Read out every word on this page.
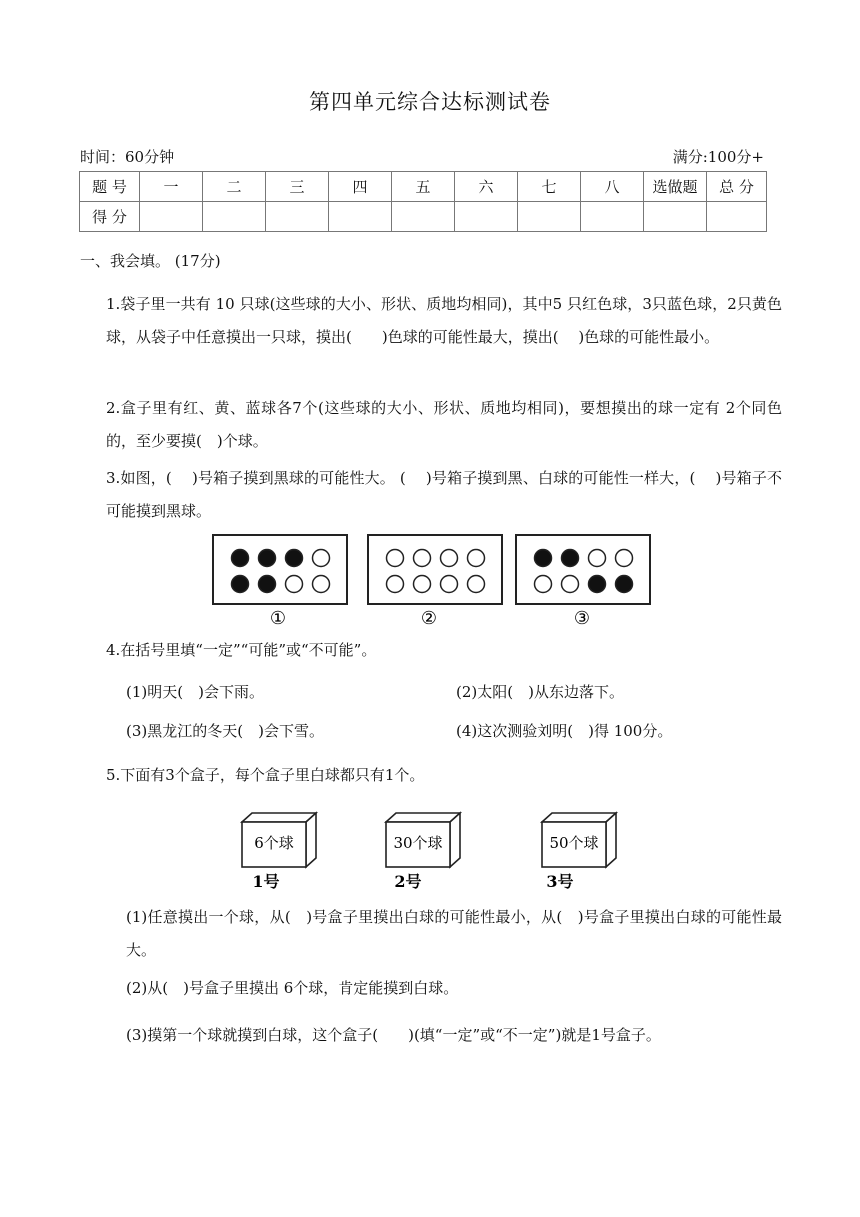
第四单元综合达标测试卷
时间：60分钟	满分:100分+
题 号	一	二	三	四	五	六	七	八	选做题	总 分
得 分										
一、我会填。 (17分)
1.袋子里一共有 10 只球(这些球的大小、形状、质地均相同)，其中5 只红色球，3只蓝色球，2只黄色球，从袋子中任意摸出一只球，摸出(　　)色球的可能性最大，摸出(　 )色球的可能性最小。
2.盒子里有红、黄、蓝球各7个(这些球的大小、形状、质地均相同)，要想摸出的球一定有 2个同色的，至少要摸(　)个球。
3.如图，(　 )号箱子摸到黑球的可能性大。 (　 )号箱子摸到黑、白球的可能性一样大，(　 )号箱子不可能摸到黑球。
①	②	③
4.在括号里填“一定”“可能”或“不可能”。
(1)明天(　)会下雨。	(2)太阳(　)从东边落下。
(3)黑龙江的冬天(　)会下雪。	(4)这次测验刘明(　)得 100分。
5.下面有3个盒子，每个盒子里白球都只有1个。
6个球
1号
30个球
2号
50个球
3号
(1)任意摸出一个球，从(　)号盒子里摸出白球的可能性最小，从(　)号盒子里摸出白球的可能性最大。
(2)从(　)号盒子里摸出 6个球，肯定能摸到白球。
(3)摸第一个球就摸到白球，这个盒子(　　)(填“一定”或“不一定”)就是1号盒子。
